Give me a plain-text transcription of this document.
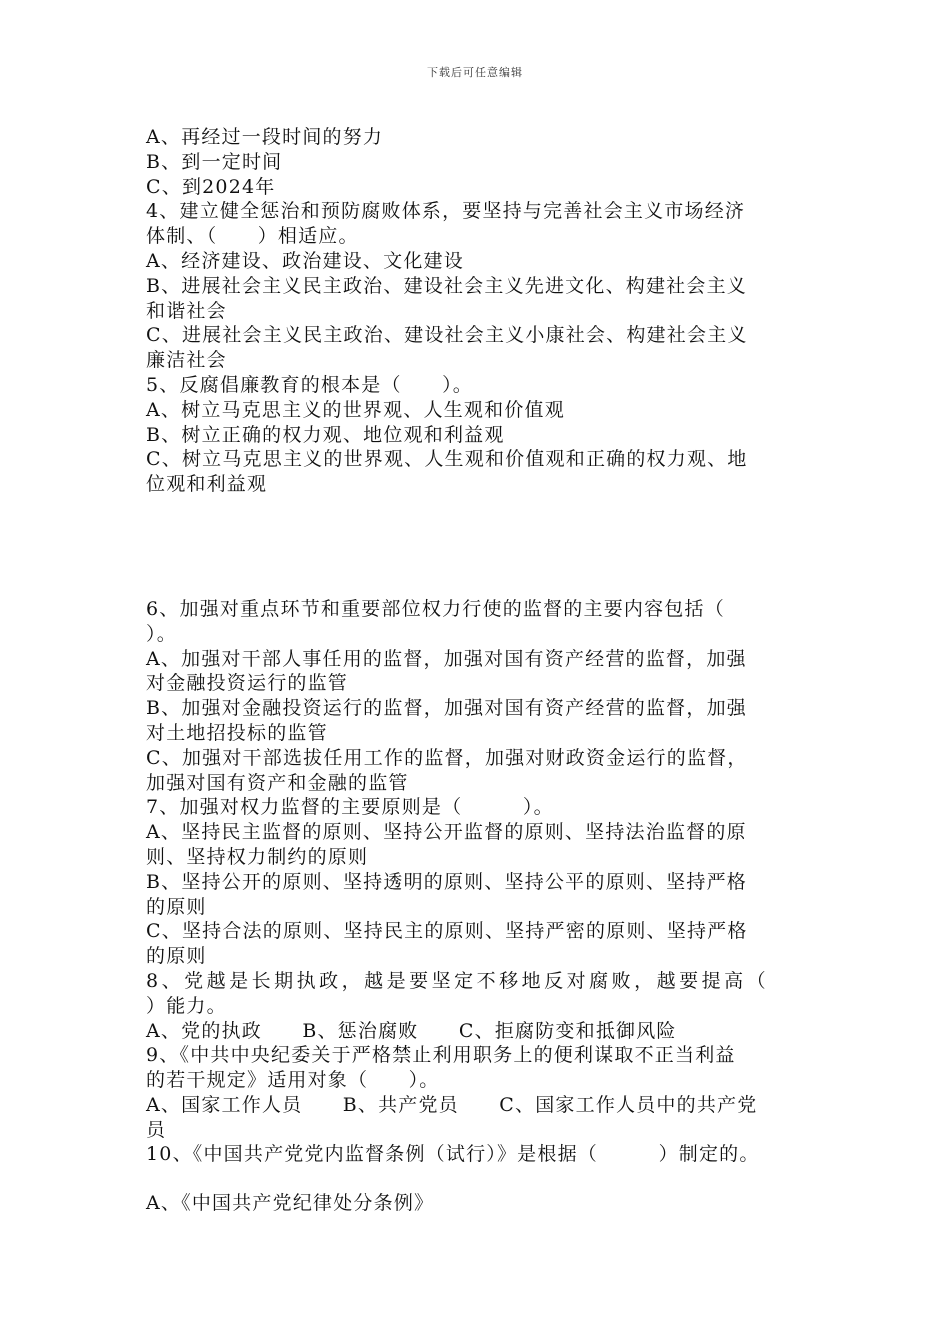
下载后可任意编辑
A、再经过一段时间的努力
B、到一定时间
C、到2024年
4、建立健全惩治和预防腐败体系，要坚持与完善社会主义市场经济
体制、（　　）相适应。
A、经济建设、政治建设、文化建设
B、进展社会主义民主政治、建设社会主义先进文化、构建社会主义
和谐社会
C、进展社会主义民主政治、建设社会主义小康社会、构建社会主义
廉洁社会
5、反腐倡廉教育的根本是（　　）。
A、树立马克思主义的世界观、人生观和价值观
B、树立正确的权力观、地位观和利益观
C、树立马克思主义的世界观、人生观和价值观和正确的权力观、地
位观和利益观
6、加强对重点环节和重要部位权力行使的监督的主要内容包括（
）。
A、加强对干部人事任用的监督，加强对国有资产经营的监督，加强
对金融投资运行的监管
B、加强对金融投资运行的监督，加强对国有资产经营的监督，加强
对土地招投标的监管
C、加强对干部选拔任用工作的监督，加强对财政资金运行的监督，
加强对国有资产和金融的监管
7、加强对权力监督的主要原则是（　　　）。
A、坚持民主监督的原则、坚持公开监督的原则、坚持法治监督的原
则、坚持权力制约的原则
B、坚持公开的原则、坚持透明的原则、坚持公平的原则、坚持严格
的原则
C、坚持合法的原则、坚持民主的原则、坚持严密的原则、坚持严格
的原则
8、党越是长期执政，越是要坚定不移地反对腐败，越要提高（
）能力。
A、党的执政　　B、惩治腐败　　C、拒腐防变和抵御风险
9、《中共中央纪委关于严格禁止利用职务上的便利谋取不正当利益
的若干规定》适用对象（　　）。
A、国家工作人员　　B、共产党员　　C、国家工作人员中的共产党
员
10、《中国共产党党内监督条例（试行）》是根据（　　　）制定的。
A、《中国共产党纪律处分条例》
